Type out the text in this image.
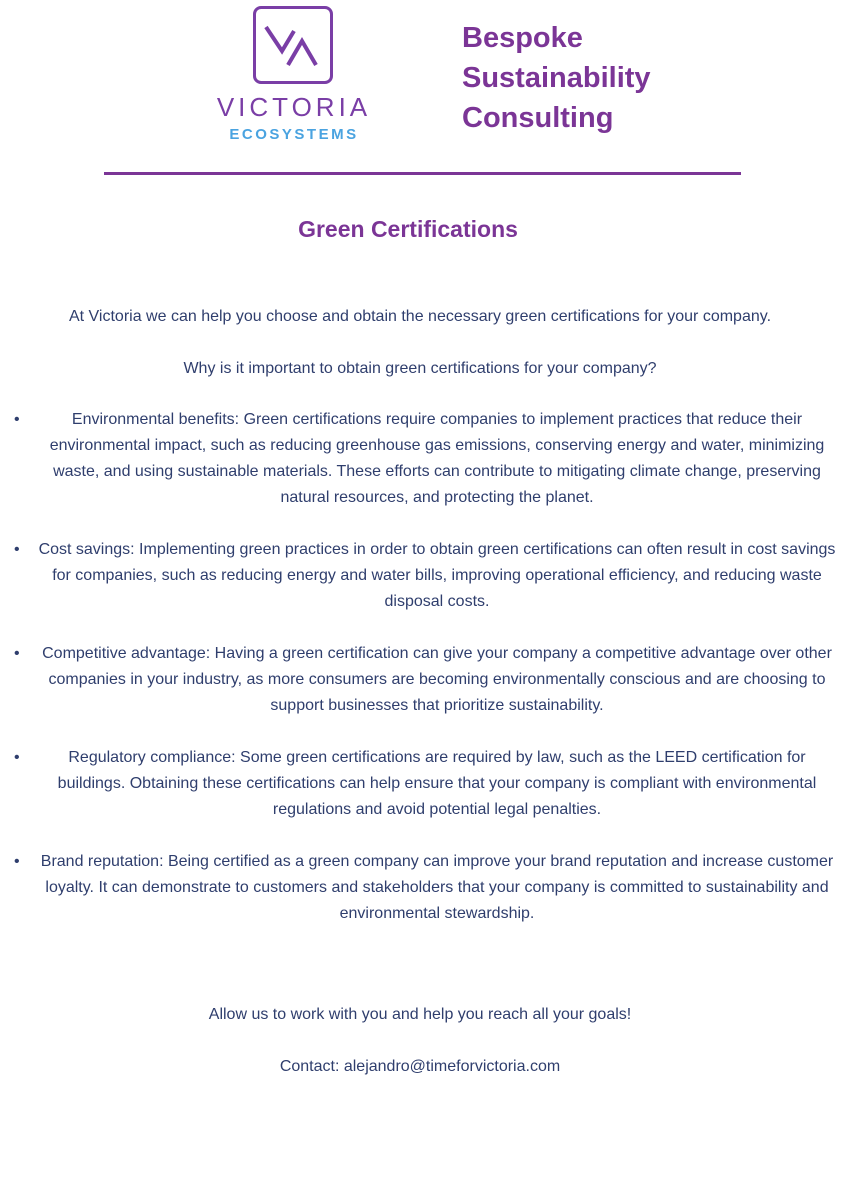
VICTORIA
ECOSYSTEMS
Bespoke
Sustainability
Consulting
Green Certifications
At Victoria we can help you choose and obtain the necessary green certifications for your company.
Why is it important to obtain green certifications for your company?
•	Environmental benefits: Green certifications require companies to implement practices that reduce their environmental impact, such as reducing greenhouse gas emissions, conserving energy and water, minimizing waste, and using sustainable materials. These efforts can contribute to mitigating climate change, preserving natural resources, and protecting the planet.
• Cost savings: Implementing green practices in order to obtain green certifications can often result in cost savings for companies, such as reducing energy and water bills, improving operational efficiency, and reducing waste disposal costs.
• Competitive advantage: Having a green certification can give your company a competitive advantage over other companies in your industry, as more consumers are becoming environmentally conscious and are choosing to support businesses that prioritize sustainability.
•	Regulatory compliance: Some green certifications are required by law, such as the LEED certification for buildings. Obtaining these certifications can help ensure that your company is compliant with environmental regulations and avoid potential legal penalties.
• Brand reputation: Being certified as a green company can improve your brand reputation and increase customer loyalty. It can demonstrate to customers and stakeholders that your company is committed to sustainability and environmental stewardship.
Allow us to work with you and help you reach all your goals!
Contact: alejandro@timeforvictoria.com
